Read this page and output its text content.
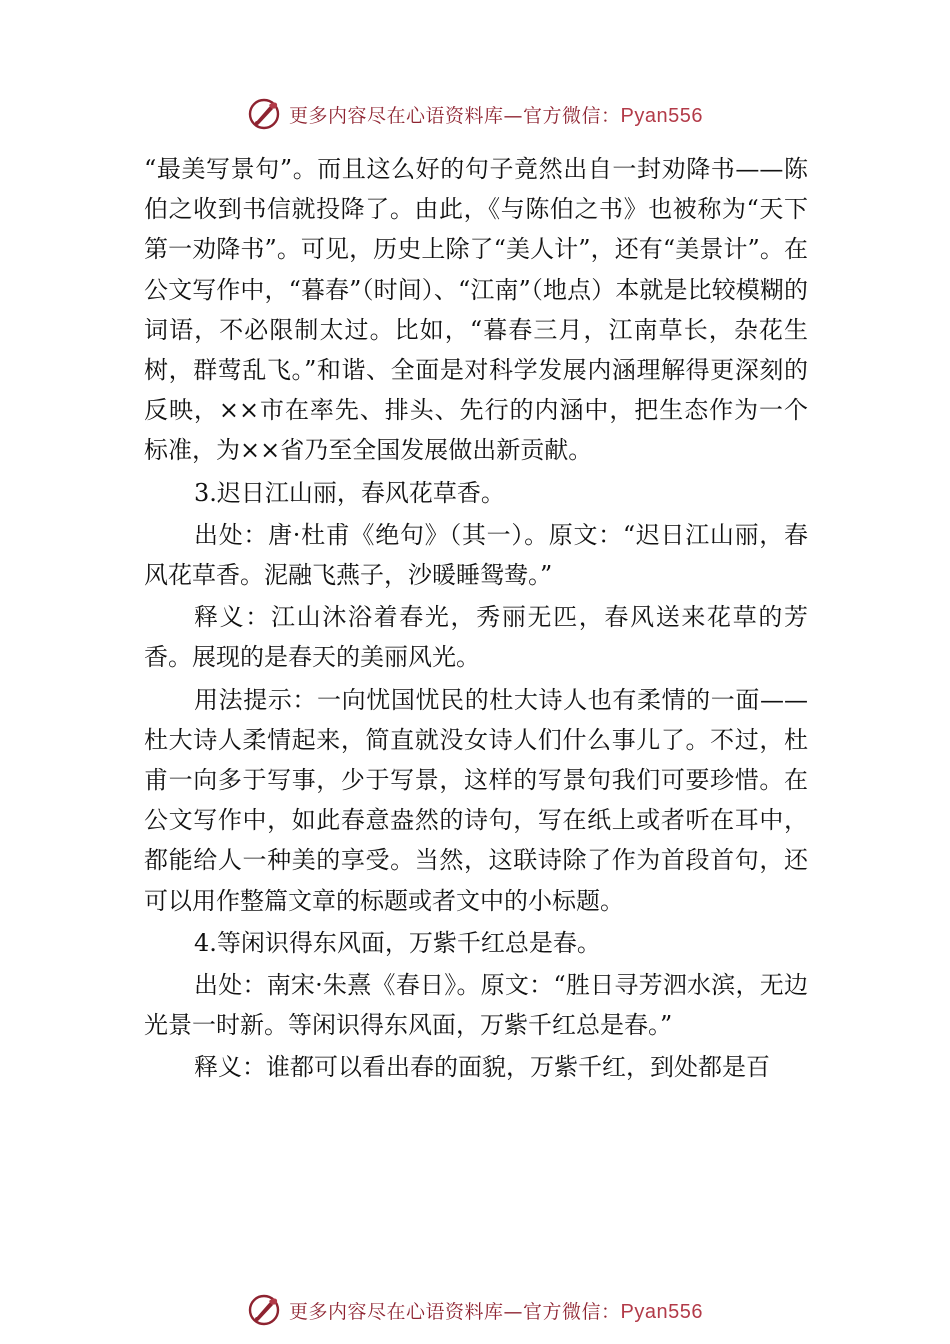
更多内容尽在心语资料库—官方微信：Pyan556

“最美写景句”。而且这么好的句子竟然出自一封劝降书——陈伯之收到书信就投降了。由此，《与陈伯之书》也被称为“天下第一劝降书”。可见，历史上除了“美人计”，还有“美景计”。在公文写作中，“暮春”（时间）、“江南”（地点）本就是比较模糊的词语，不必限制太过。比如，“暮春三月，江南草长，杂花生树，群莺乱飞。”和谐、全面是对科学发展内涵理解得更深刻的反映，××市在率先、排头、先行的内涵中，把生态作为一个标准，为××省乃至全国发展做出新贡献。

3.迟日江山丽，春风花草香。

出处：唐·杜甫《绝句》（其一）。原文：“迟日江山丽，春风花草香。泥融飞燕子，沙暖睡鸳鸯。”

释义：江山沐浴着春光，秀丽无匹，春风送来花草的芳香。展现的是春天的美丽风光。

用法提示：一向忧国忧民的杜大诗人也有柔情的一面——杜大诗人柔情起来，简直就没女诗人们什么事儿了。不过，杜甫一向多于写事，少于写景，这样的写景句我们可要珍惜。在公文写作中，如此春意盎然的诗句，写在纸上或者听在耳中，都能给人一种美的享受。当然，这联诗除了作为首段首句，还可以用作整篇文章的标题或者文中的小标题。

4.等闲识得东风面，万紫千红总是春。

出处：南宋·朱熹《春日》。原文：“胜日寻芳泗水滨，无边光景一时新。等闲识得东风面，万紫千红总是春。”

释义：谁都可以看出春的面貌，万紫千红，到处都是百

更多内容尽在心语资料库—官方微信：Pyan556
